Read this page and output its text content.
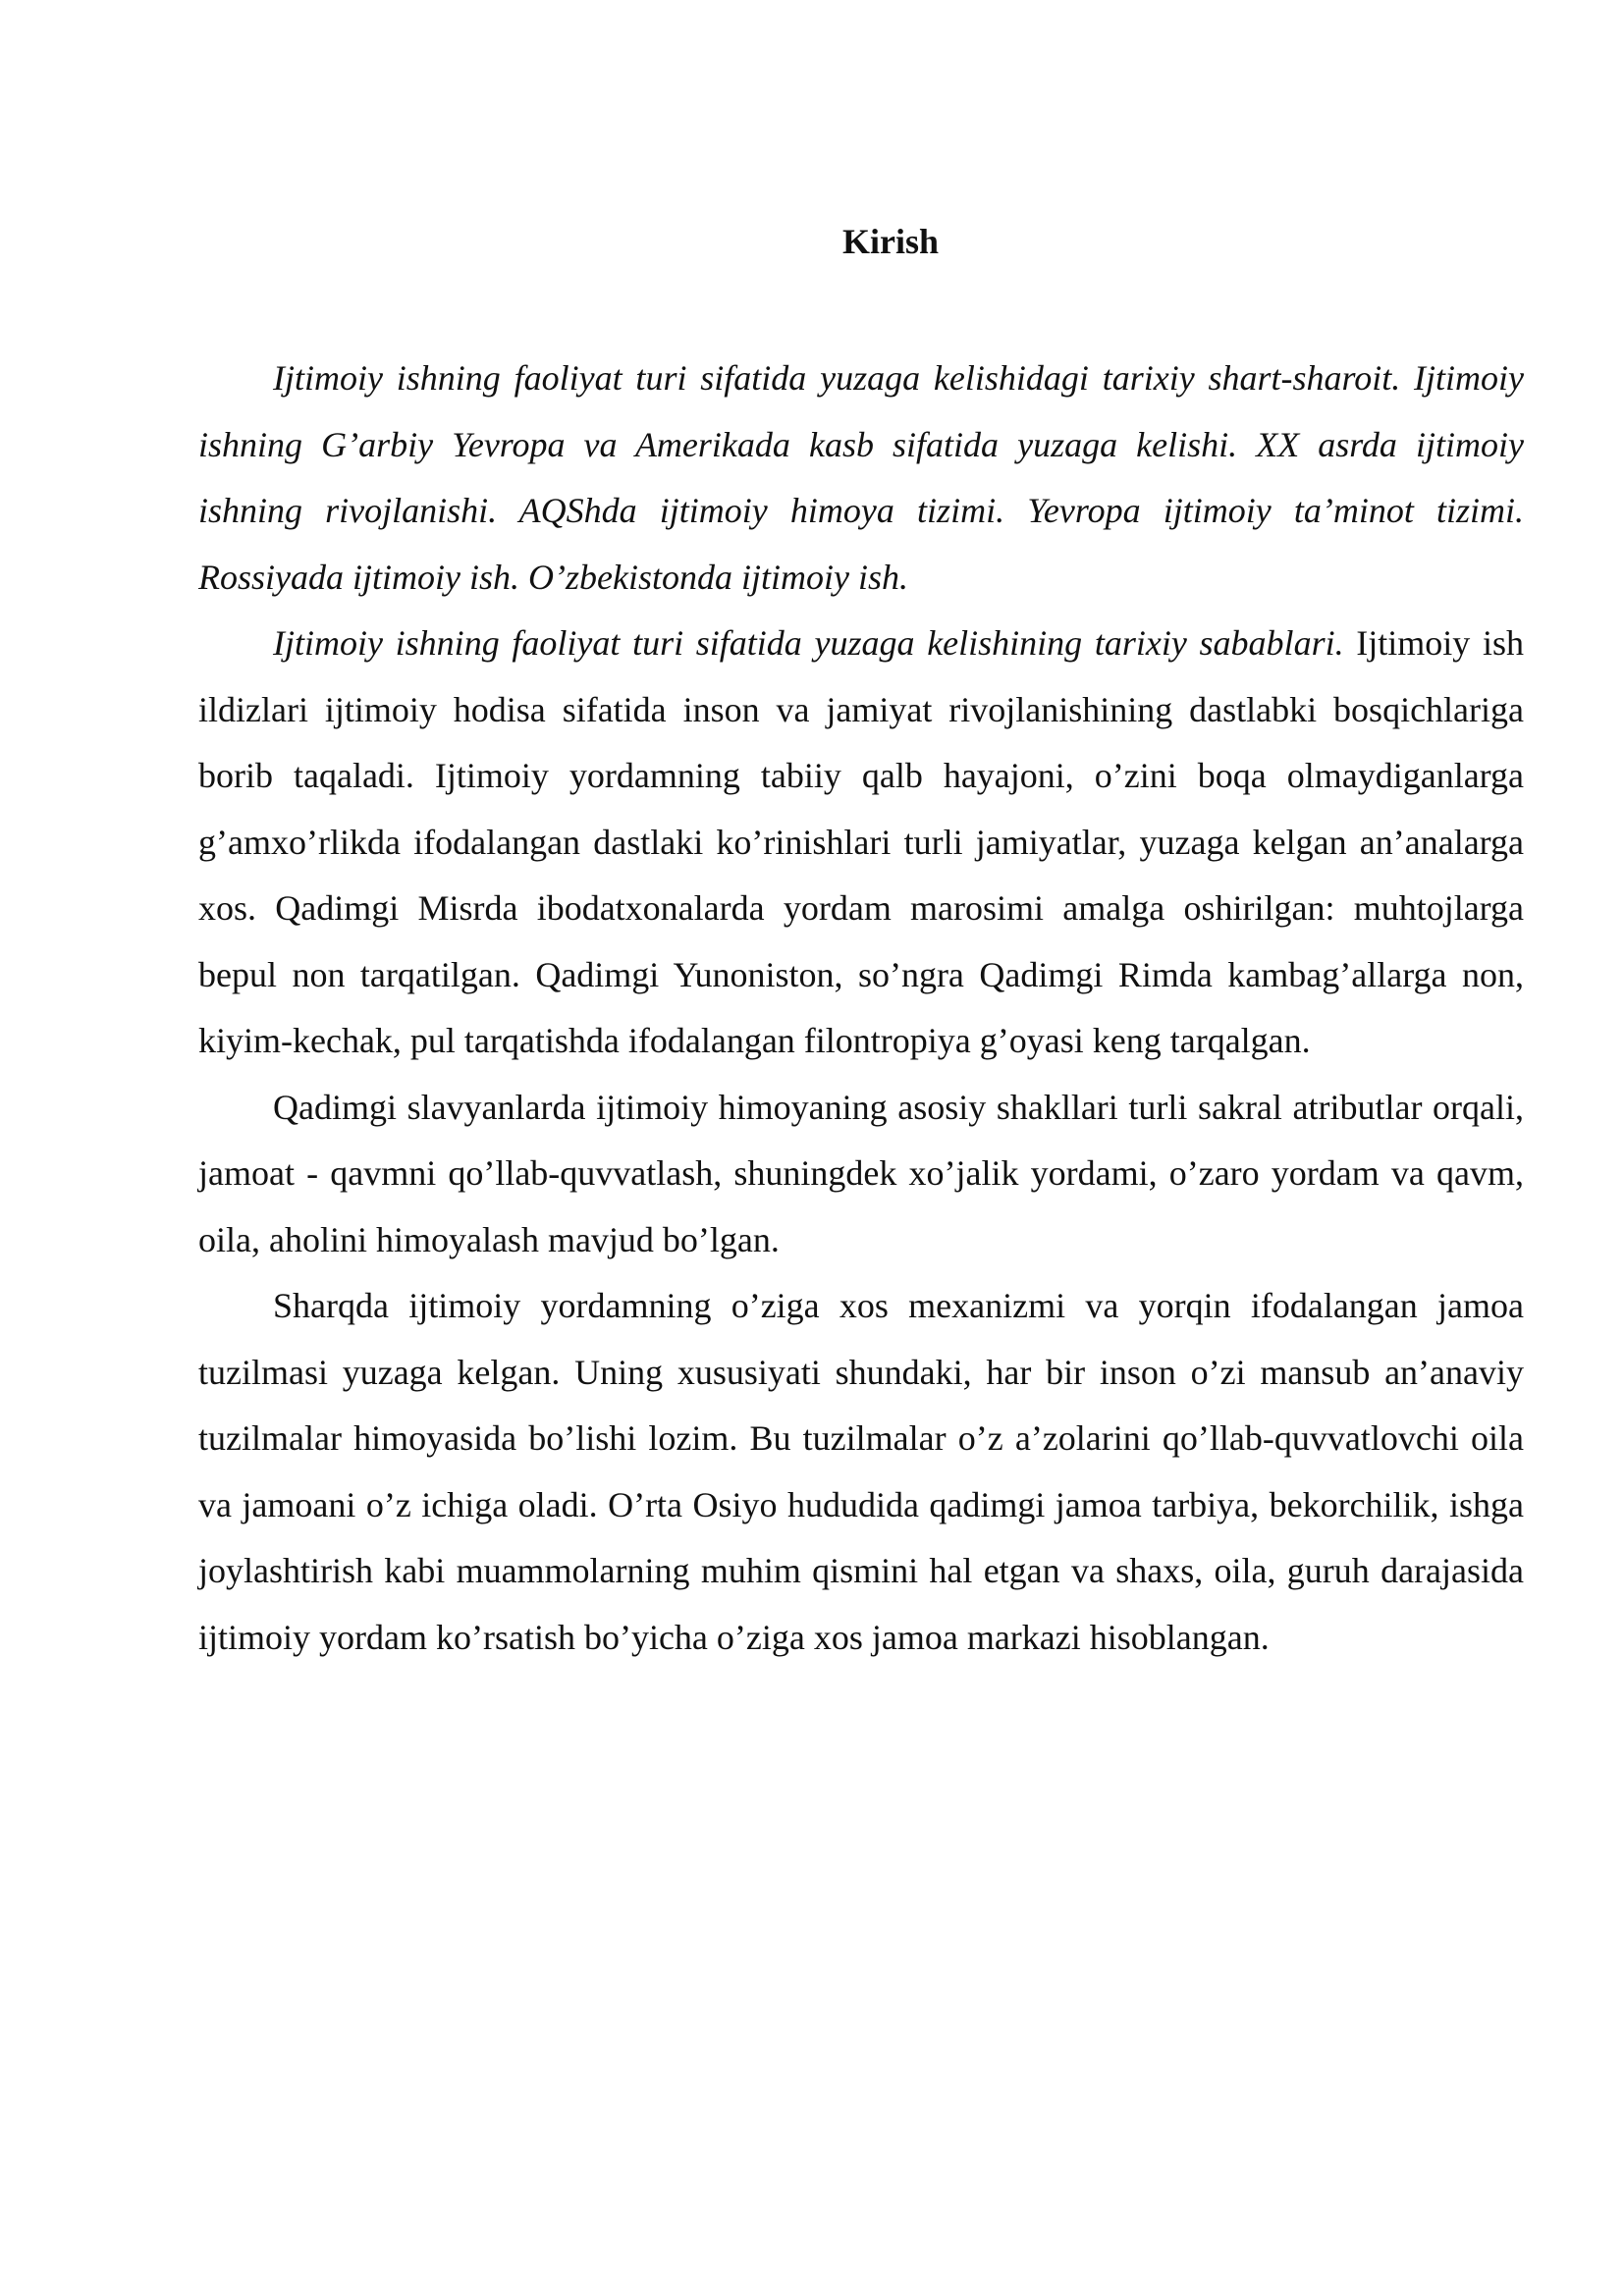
Kirish

Ijtimoiy ishning faoliyat turi sifatida yuzaga kelishidagi tarixiy shart-sharoit. Ijtimoiy ishning G’arbiy Yevropa va Amerikada kasb sifatida yuzaga kelishi. XX asrda ijtimoiy ishning rivojlanishi. AQShda ijtimoiy himoya tizimi. Yevropa ijtimoiy ta’minot tizimi. Rossiyada ijtimoiy ish. O’zbekistonda ijtimoiy ish.

Ijtimoiy ishning faoliyat turi sifatida yuzaga kelishining tarixiy sabablari. Ijtimoiy ish ildizlari ijtimoiy hodisa sifatida inson va jamiyat rivojlanishining dastlabki bosqichlariga borib taqaladi. Ijtimoiy yordamning tabiiy qalb hayajoni, o’zini boqa olmaydiganlarga g’amxo’rlikda ifodalangan dastlaki ko’rinishlari turli jamiyatlar, yuzaga kelgan an’analarga xos. Qadimgi Misrda ibodatxonalarda yordam marosimi amalga oshirilgan: muhtojlarga bepul non tarqatilgan. Qadimgi Yunoniston, so’ngra Qadimgi Rimda kambag’allarga non, kiyim-kechak, pul tarqatishda ifodalangan filontropiya g’oyasi keng tarqalgan.

Qadimgi slavyanlarda ijtimoiy himoyaning asosiy shakllari turli sakral atributlar orqali, jamoat - qavmni qo’llab-quvvatlash, shuningdek xo’jalik yordami, o’zaro yordam va qavm, oila, aholini himoyalash mavjud bo’lgan.

Sharqda ijtimoiy yordamning o’ziga xos mexanizmi va yorqin ifodalangan jamoa tuzilmasi yuzaga kelgan. Uning xususiyati shundaki, har bir inson o’zi mansub an’anaviy tuzilmalar himoyasida bo’lishi lozim. Bu tuzilmalar o’z a’zolarini qo’llab-quvvatlovchi oila va jamoani o’z ichiga oladi. O’rta Osiyo hududida qadimgi jamoa tarbiya, bekorchilik, ishga joylashtirish kabi muammolarning muhim qismini hal etgan va shaxs, oila, guruh darajasida ijtimoiy yordam ko’rsatish bo’yicha o’ziga xos jamoa markazi hisoblangan.
